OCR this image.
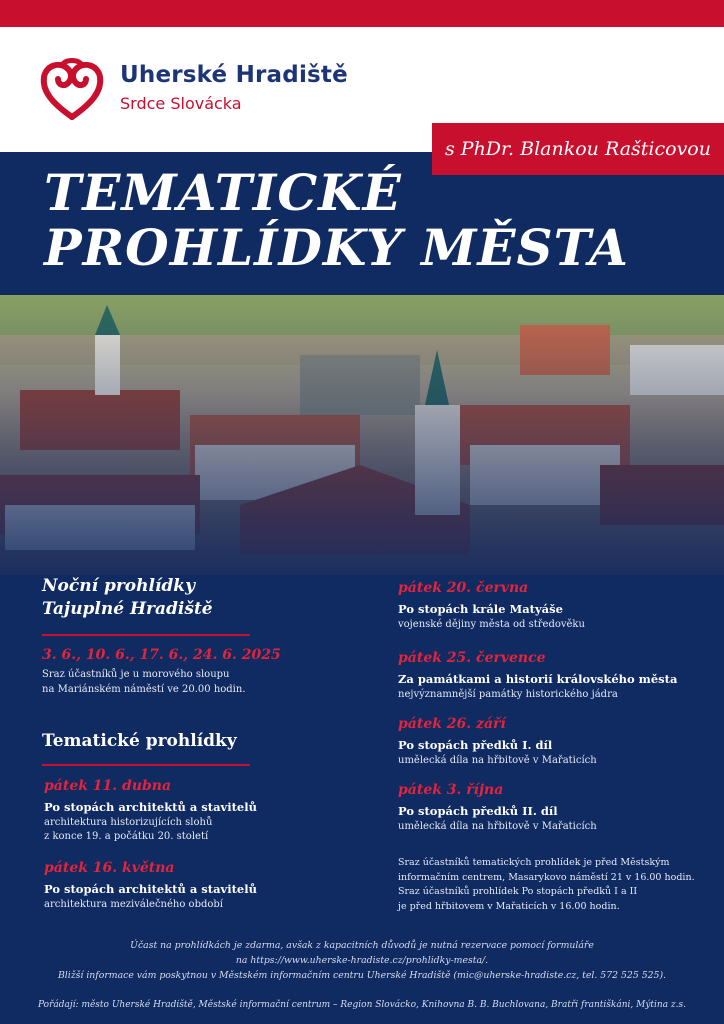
Uherské Hradiště
Srdce Slovácka
s PhDr. Blankou Rašticovou
TEMATICKÉ
PROHLÍDKY MĚSTA
Noční prohlídky
Tajuplné Hradiště
3. 6., 10. 6., 17. 6., 24. 6. 2025
Sraz účastníků je u morového sloupu
na Mariánském náměstí ve 20.00 hodin.
Tematické prohlídky
pátek 11. dubna
Po stopách architektů a stavitelů
architektura historizujících slohů
z konce 19. a počátku 20. století
pátek 16. května
Po stopách architektů a stavitelů
architektura meziválečného období
pátek 20. června
Po stopách krále Matyáše
vojenské dějiny města od středověku
pátek 25. července
Za památkami a historií královského města
nejvýznamnější památky historického jádra
pátek 26. září
Po stopách předků I. díl
umělecká díla na hřbitově v Mařaticích
pátek 3. října
Po stopách předků II. díl
umělecká díla na hřbitově v Mařaticích
Sraz účastníků tematických prohlídek je před Městským
informačním centrem, Masarykovo náměstí 21 v 16.00 hodin.
Sraz účastníků prohlídek Po stopách předků I a II
je před hřbitovem v Mařaticích v 16.00 hodin.
Účast na prohlídkách je zdarma, avšak z kapacitních důvodů je nutná rezervace pomocí formuláře
na https://www.uherske-hradiste.cz/prohlidky-mesta/.
Bližší informace vám poskytnou v Městském informačním centru Uherské Hradiště (mic@uherske-hradiste.cz, tel. 572 525 525).
Pořádají: město Uherské Hradiště, Městské informační centrum – Region Slovácko, Knihovna B. B. Buchlovana, Bratři františkáni, Mýtina z.s.
